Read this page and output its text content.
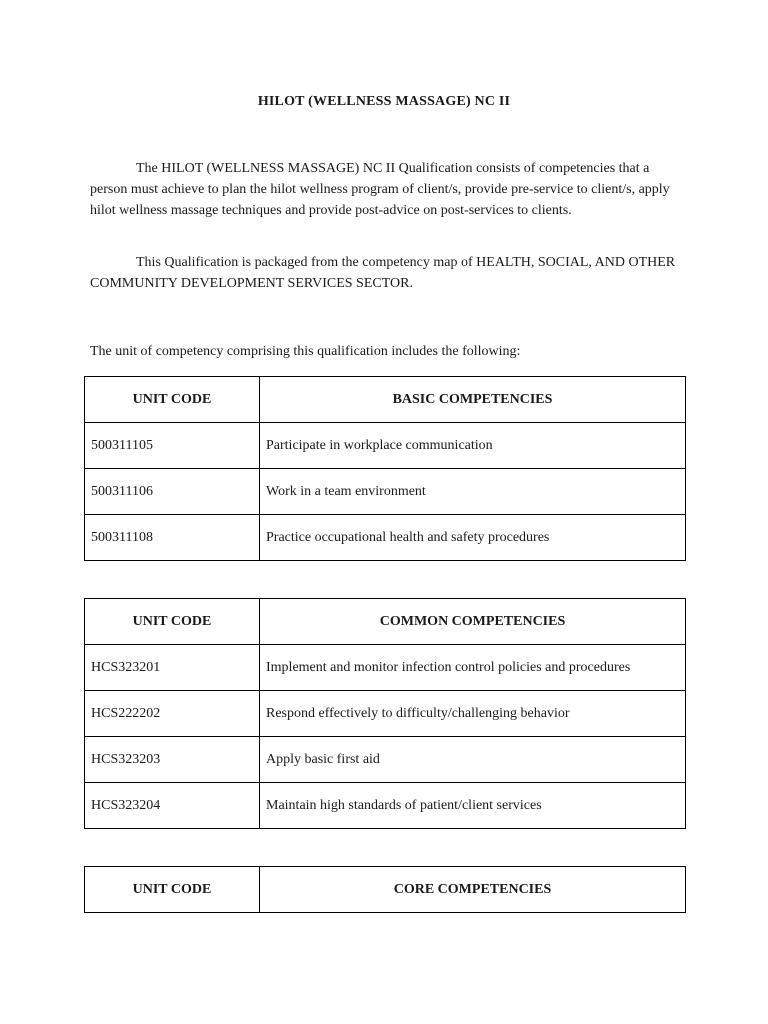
HILOT (WELLNESS MASSAGE) NC II
The HILOT (WELLNESS MASSAGE) NC II Qualification consists of competencies that a person must achieve to plan the hilot wellness program of client/s, provide pre-service to client/s, apply hilot wellness massage techniques and provide post-advice on post-services to clients.
This Qualification is packaged from the competency map of HEALTH, SOCIAL, AND OTHER COMMUNITY DEVELOPMENT SERVICES SECTOR.
The unit of competency comprising this qualification includes the following:
UNIT CODE	BASIC COMPETENCIES
500311105	Participate in workplace communication
500311106	Work in a team environment
500311108	Practice occupational health and safety procedures
UNIT CODE	COMMON COMPETENCIES
HCS323201	Implement and monitor infection control policies and procedures
HCS222202	Respond effectively to difficulty/challenging behavior
HCS323203	Apply basic first aid
HCS323204	Maintain high standards of patient/client services
UNIT CODE	CORE COMPETENCIES
